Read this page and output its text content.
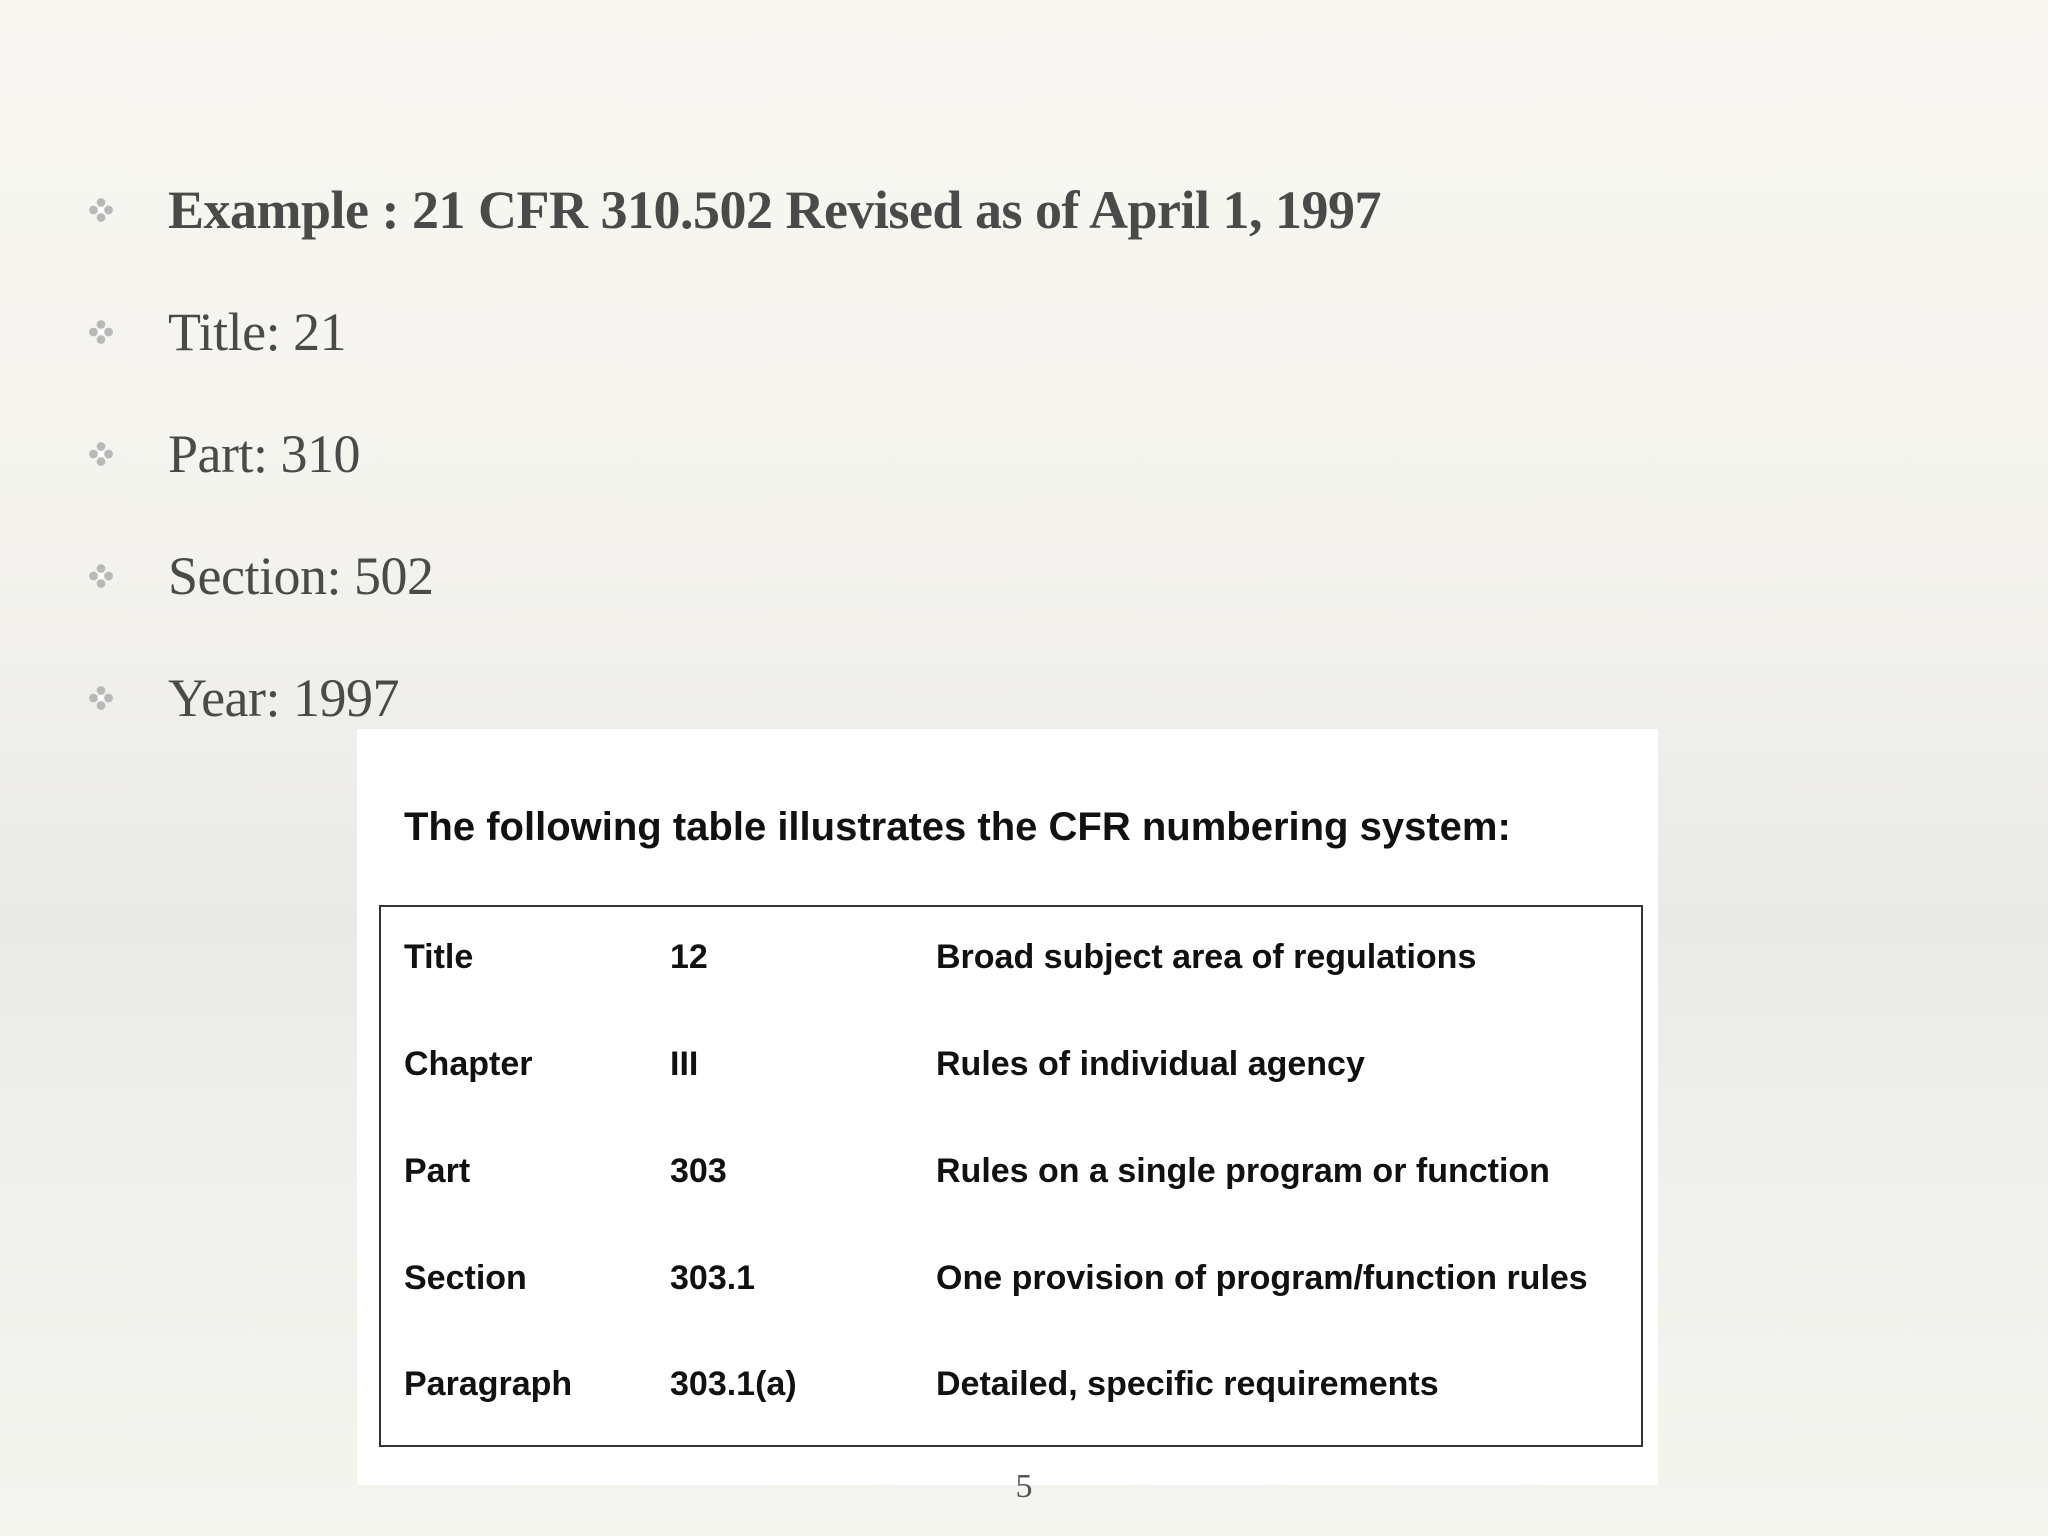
Example : 21 CFR 310.502 Revised as of April 1, 1997
Title: 21
Part: 310
Section: 502
Year: 1997
The following table illustrates the CFR numbering system:
Title	12	Broad subject area of regulations
Chapter	III	Rules of individual agency
Part	303	Rules on a single program or function
Section	303.1	One provision of program/function rules
Paragraph	303.1(a)	Detailed, specific requirements
5
